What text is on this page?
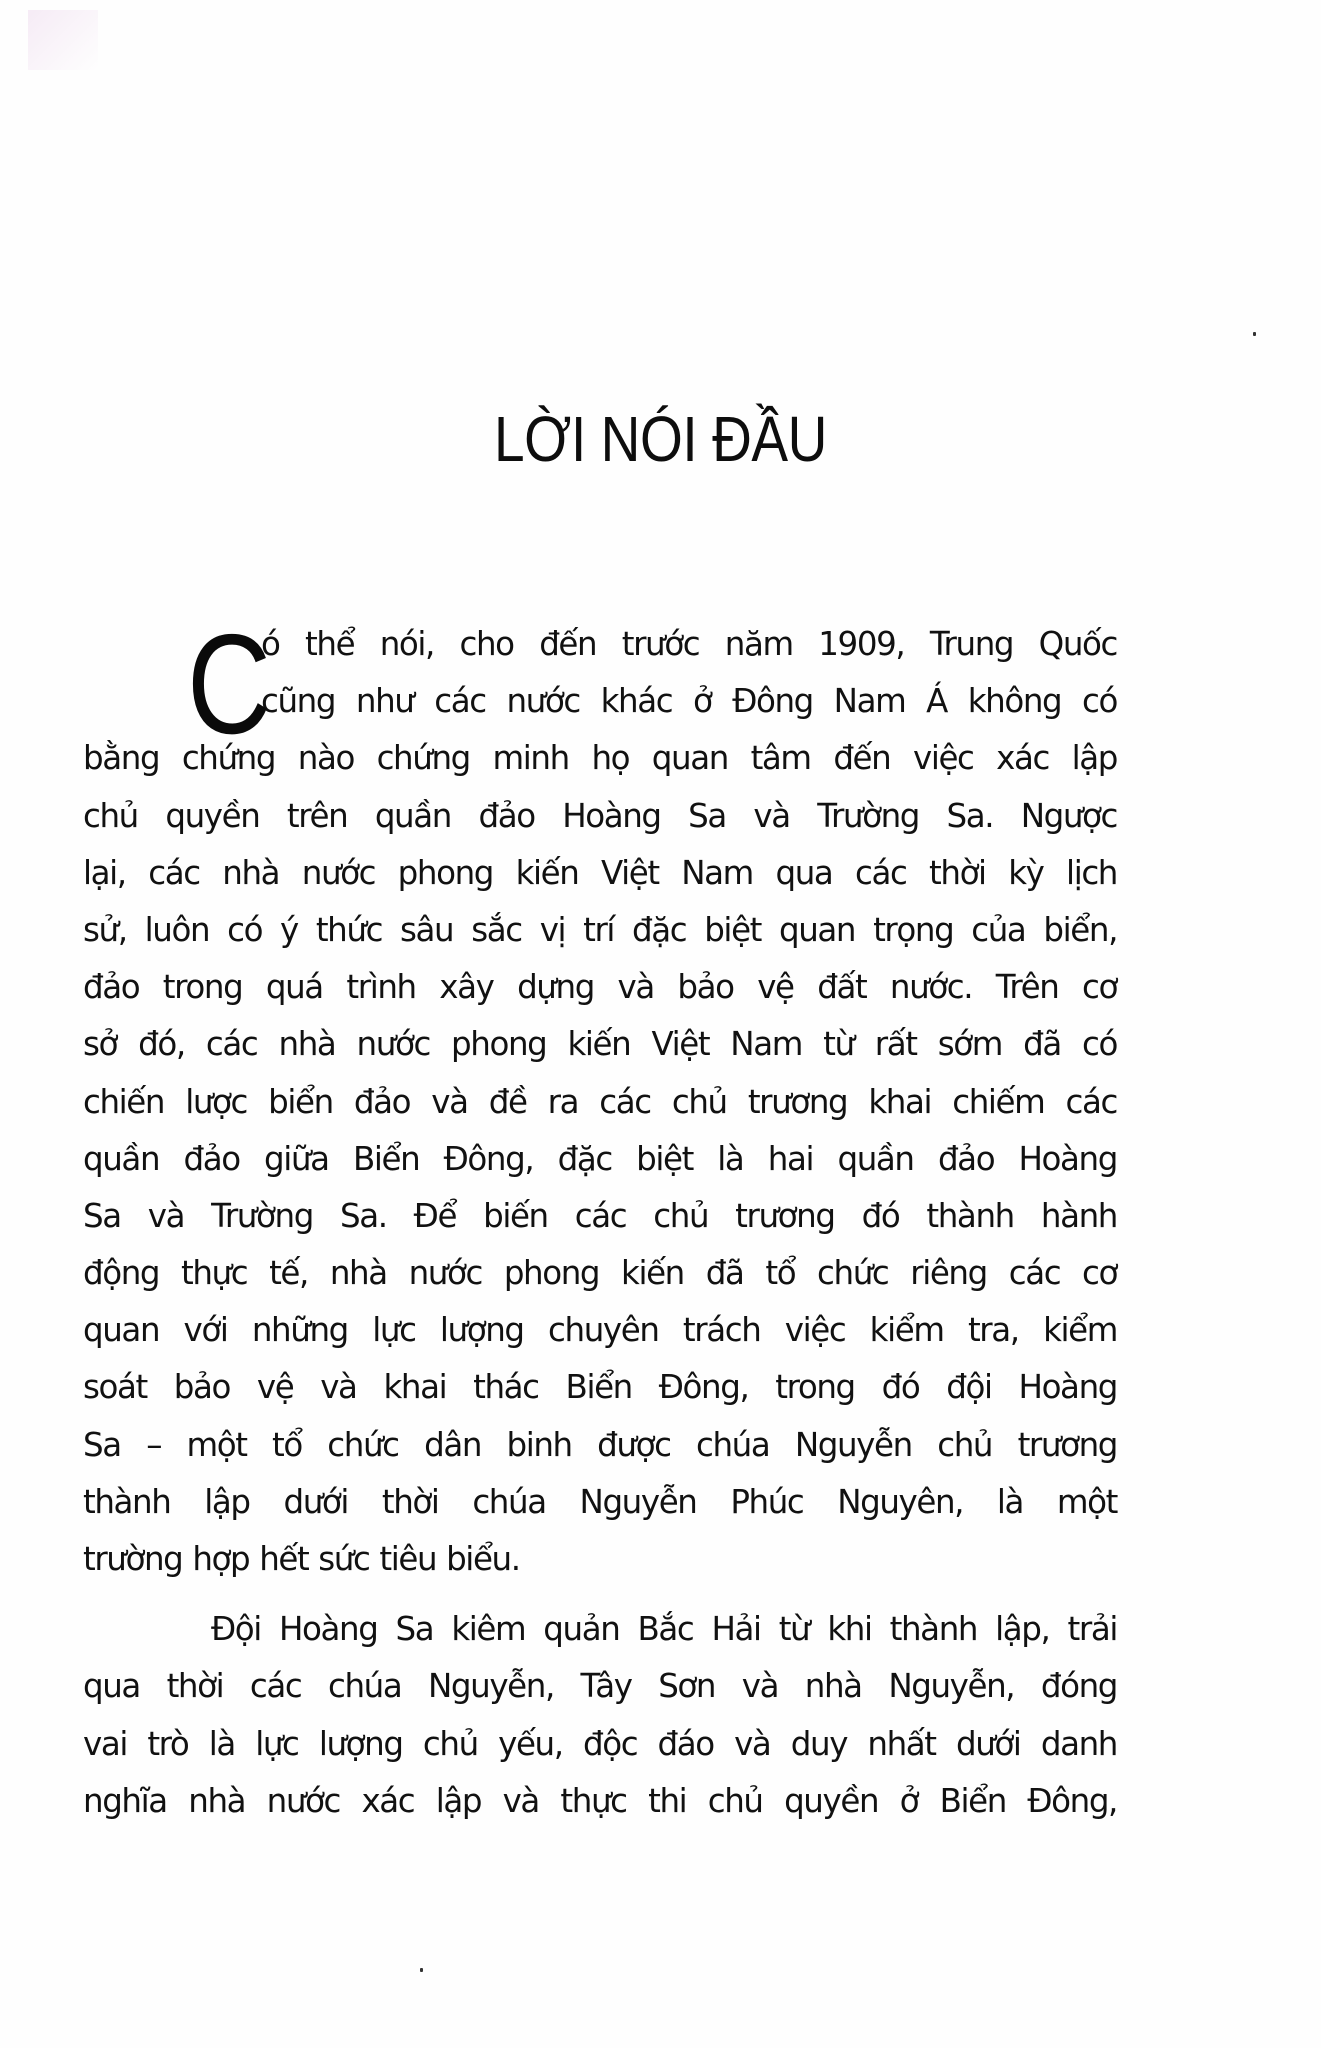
LỜI NÓI ĐẦU

C
ó thể nói, cho đến trước năm 1909, Trung Quốc
cũng như các nước khác ở Đông Nam Á không có
bằng chứng nào chứng minh họ quan tâm đến việc xác lập
chủ quyền trên quần đảo Hoàng Sa và Trường Sa. Ngược
lại, các nhà nước phong kiến Việt Nam qua các thời kỳ lịch
sử, luôn có ý thức sâu sắc vị trí đặc biệt quan trọng của biển,
đảo trong quá trình xây dựng và bảo vệ đất nước. Trên cơ
sở đó, các nhà nước phong kiến Việt Nam từ rất sớm đã có
chiến lược biển đảo và đề ra các chủ trương khai chiếm các
quần đảo giữa Biển Đông, đặc biệt là hai quần đảo Hoàng
Sa và Trường Sa. Để biến các chủ trương đó thành hành
động thực tế, nhà nước phong kiến đã tổ chức riêng các cơ
quan với những lực lượng chuyên trách việc kiểm tra, kiểm
soát bảo vệ và khai thác Biển Đông, trong đó đội Hoàng
Sa – một tổ chức dân binh được chúa Nguyễn chủ trương
thành lập dưới thời chúa Nguyễn Phúc Nguyên, là một
trường hợp hết sức tiêu biểu.

Đội Hoàng Sa kiêm quản Bắc Hải từ khi thành lập, trải
qua thời các chúa Nguyễn, Tây Sơn và nhà Nguyễn, đóng
vai trò là lực lượng chủ yếu, độc đáo và duy nhất dưới danh
nghĩa nhà nước xác lập và thực thi chủ quyền ở Biển Đông,
